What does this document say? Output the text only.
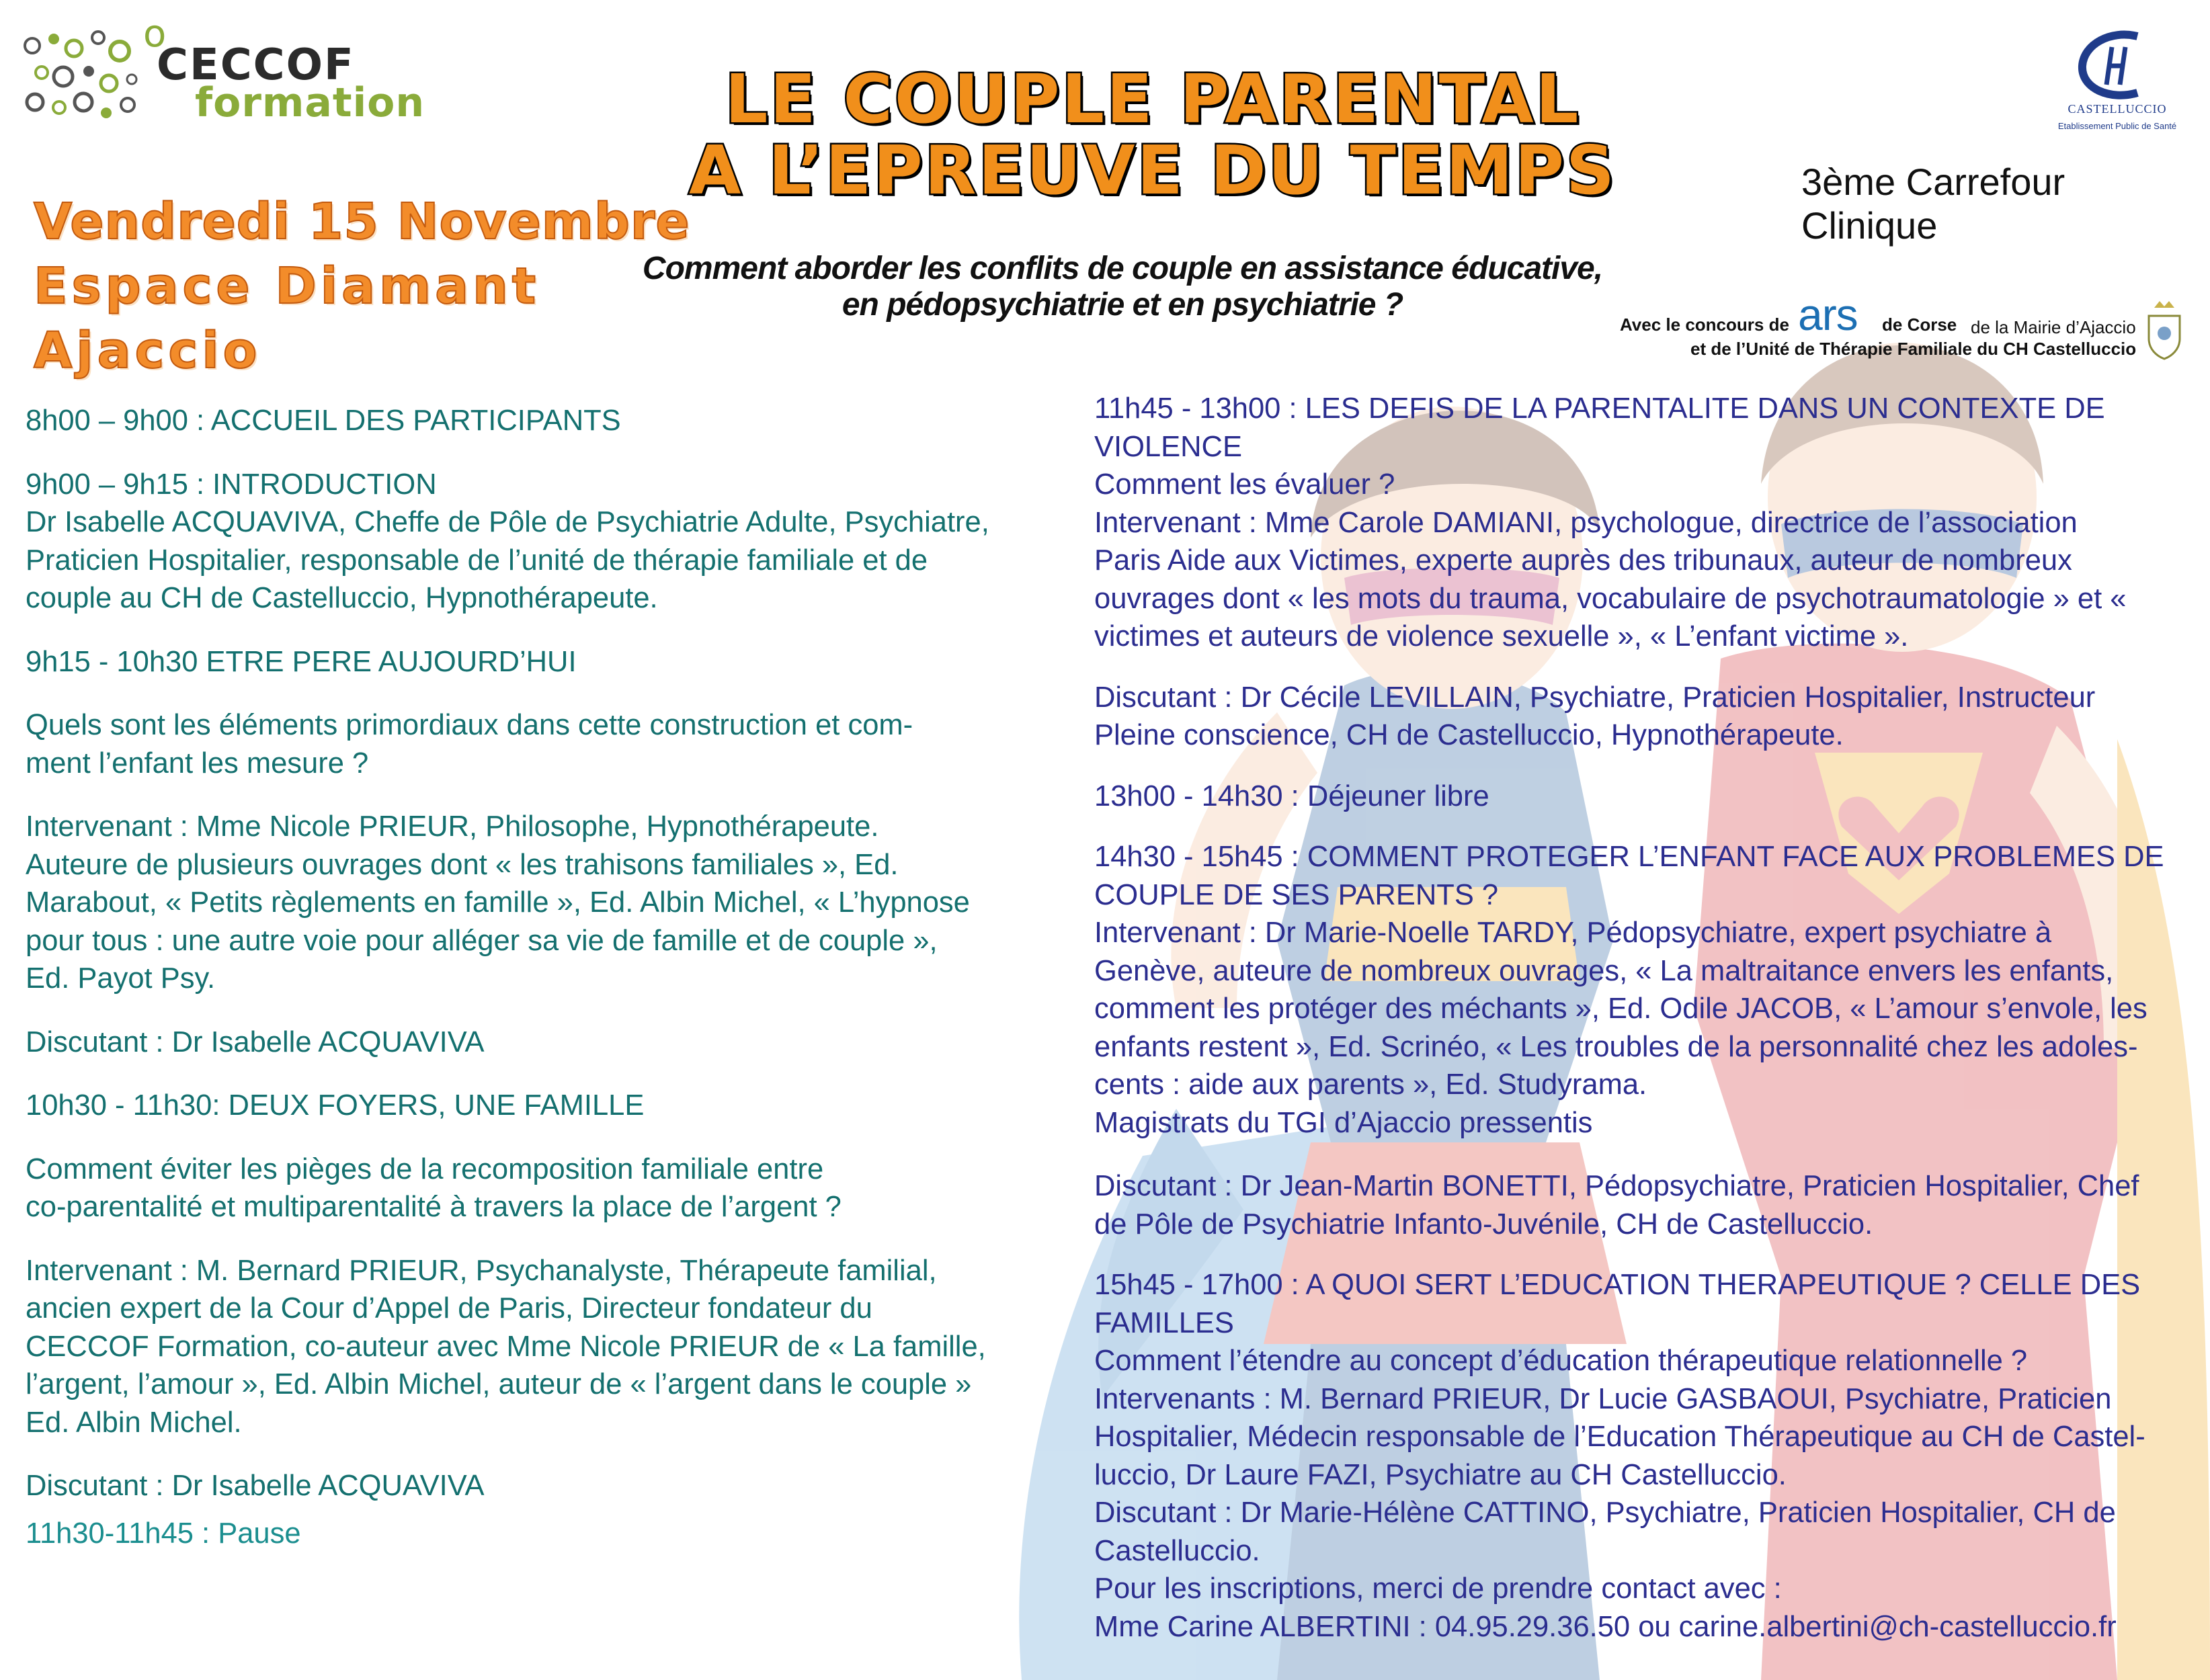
o
CECCOF
formation	LE COUPLE PARENTAL
A L’EPREUVE DU TEMPS
Vendredi 15 Novembre
Espace Diamant
Ajaccio
Comment aborder les conflits de couple en assistance éducative,
en pédopsychiatrie et en psychiatrie ?
CASTELLUCCIO
Etablissement Public de Santé
3ème Carrefour Clinique
Avec le concours de ars de Corse de la Mairie d’Ajaccio
et de l’Unité de Thérapie Familiale du CH Castelluccio

8h00 – 9h00 : ACCUEIL DES PARTICIPANTS

9h00 – 9h15 : INTRODUCTION

Dr Isabelle ACQUAVIVA, Cheffe de Pôle de Psychiatrie Adulte, Psychiatre,

Praticien Hospitalier, responsable de l’unité de thérapie familiale et de

couple au CH de Castelluccio, Hypnothérapeute.

9h15 - 10h30 ETRE PERE AUJOURD’HUI

Quels sont les éléments primordiaux dans cette construction et com-

ment l’enfant les mesure ?

Intervenant : Mme Nicole PRIEUR, Philosophe, Hypnothérapeute.

Auteure de plusieurs ouvrages dont « les trahisons familiales », Ed.

Marabout, « Petits règlements en famille », Ed. Albin Michel, « L’hypnose

pour tous : une autre voie pour alléger sa vie de famille et de couple »,

Ed. Payot Psy.

Discutant : Dr Isabelle ACQUAVIVA

10h30 - 11h30: DEUX FOYERS, UNE FAMILLE

Comment éviter les pièges de la recomposition familiale entre

co-parentalité et multiparentalité à travers la place de l’argent ?

Intervenant : M. Bernard PRIEUR, Psychanalyste, Thérapeute familial,

ancien expert de la Cour d’Appel de Paris, Directeur fondateur du

CECCOF Formation, co-auteur avec Mme Nicole PRIEUR de « La famille,

l’argent, l’amour », Ed. Albin Michel, auteur de « l’argent dans le couple »

Ed. Albin Michel.

Discutant : Dr Isabelle ACQUAVIVA

11h30-11h45 : Pause

11h45 - 13h00 : LES DEFIS DE LA PARENTALITE DANS UN CONTEXTE DE

VIOLENCE

Comment les évaluer ?

Intervenant : Mme Carole DAMIANI, psychologue, directrice de l’association

Paris Aide aux Victimes, experte auprès des tribunaux, auteur de nombreux

ouvrages dont « les mots du trauma, vocabulaire de psychotraumatologie » et «

victimes et auteurs de violence sexuelle », « L’enfant victime ».

Discutant : Dr Cécile LEVILLAIN, Psychiatre, Praticien Hospitalier, Instructeur

Pleine conscience, CH de Castelluccio, Hypnothérapeute.

13h00 - 14h30 : Déjeuner libre

14h30 - 15h45 : COMMENT PROTEGER L’ENFANT FACE AUX PROBLEMES DE

COUPLE DE SES PARENTS ?

Intervenant : Dr Marie-Noelle TARDY, Pédopsychiatre, expert psychiatre à

Genève, auteure de nombreux ouvrages, « La maltraitance envers les enfants,

comment les protéger des méchants », Ed. Odile JACOB, « L’amour s’envole, les

enfants restent », Ed. Scrinéo, « Les troubles de la personnalité chez les adoles-

cents : aide aux parents », Ed. Studyrama.

Magistrats du TGI d’Ajaccio pressentis

Discutant : Dr Jean-Martin BONETTI, Pédopsychiatre, Praticien Hospitalier, Chef

de Pôle de Psychiatrie Infanto-Juvénile, CH de Castelluccio.

15h45 - 17h00 : A QUOI SERT L’EDUCATION THERAPEUTIQUE ? CELLE DES

FAMILLES

Comment l’étendre au concept d’éducation thérapeutique relationnelle ?

Intervenants : M. Bernard PRIEUR, Dr Lucie GASBAOUI, Psychiatre, Praticien

Hospitalier, Médecin responsable de l’Education Thérapeutique au CH de Castel-

luccio, Dr Laure FAZI, Psychiatre au CH Castelluccio.

Discutant : Dr Marie-Hélène CATTINO, Psychiatre, Praticien Hospitalier, CH de

Castelluccio.

Pour les inscriptions, merci de prendre contact avec :

Mme Carine ALBERTINI : 04.95.29.36.50 ou carine.albertini@ch-castelluccio.fr
